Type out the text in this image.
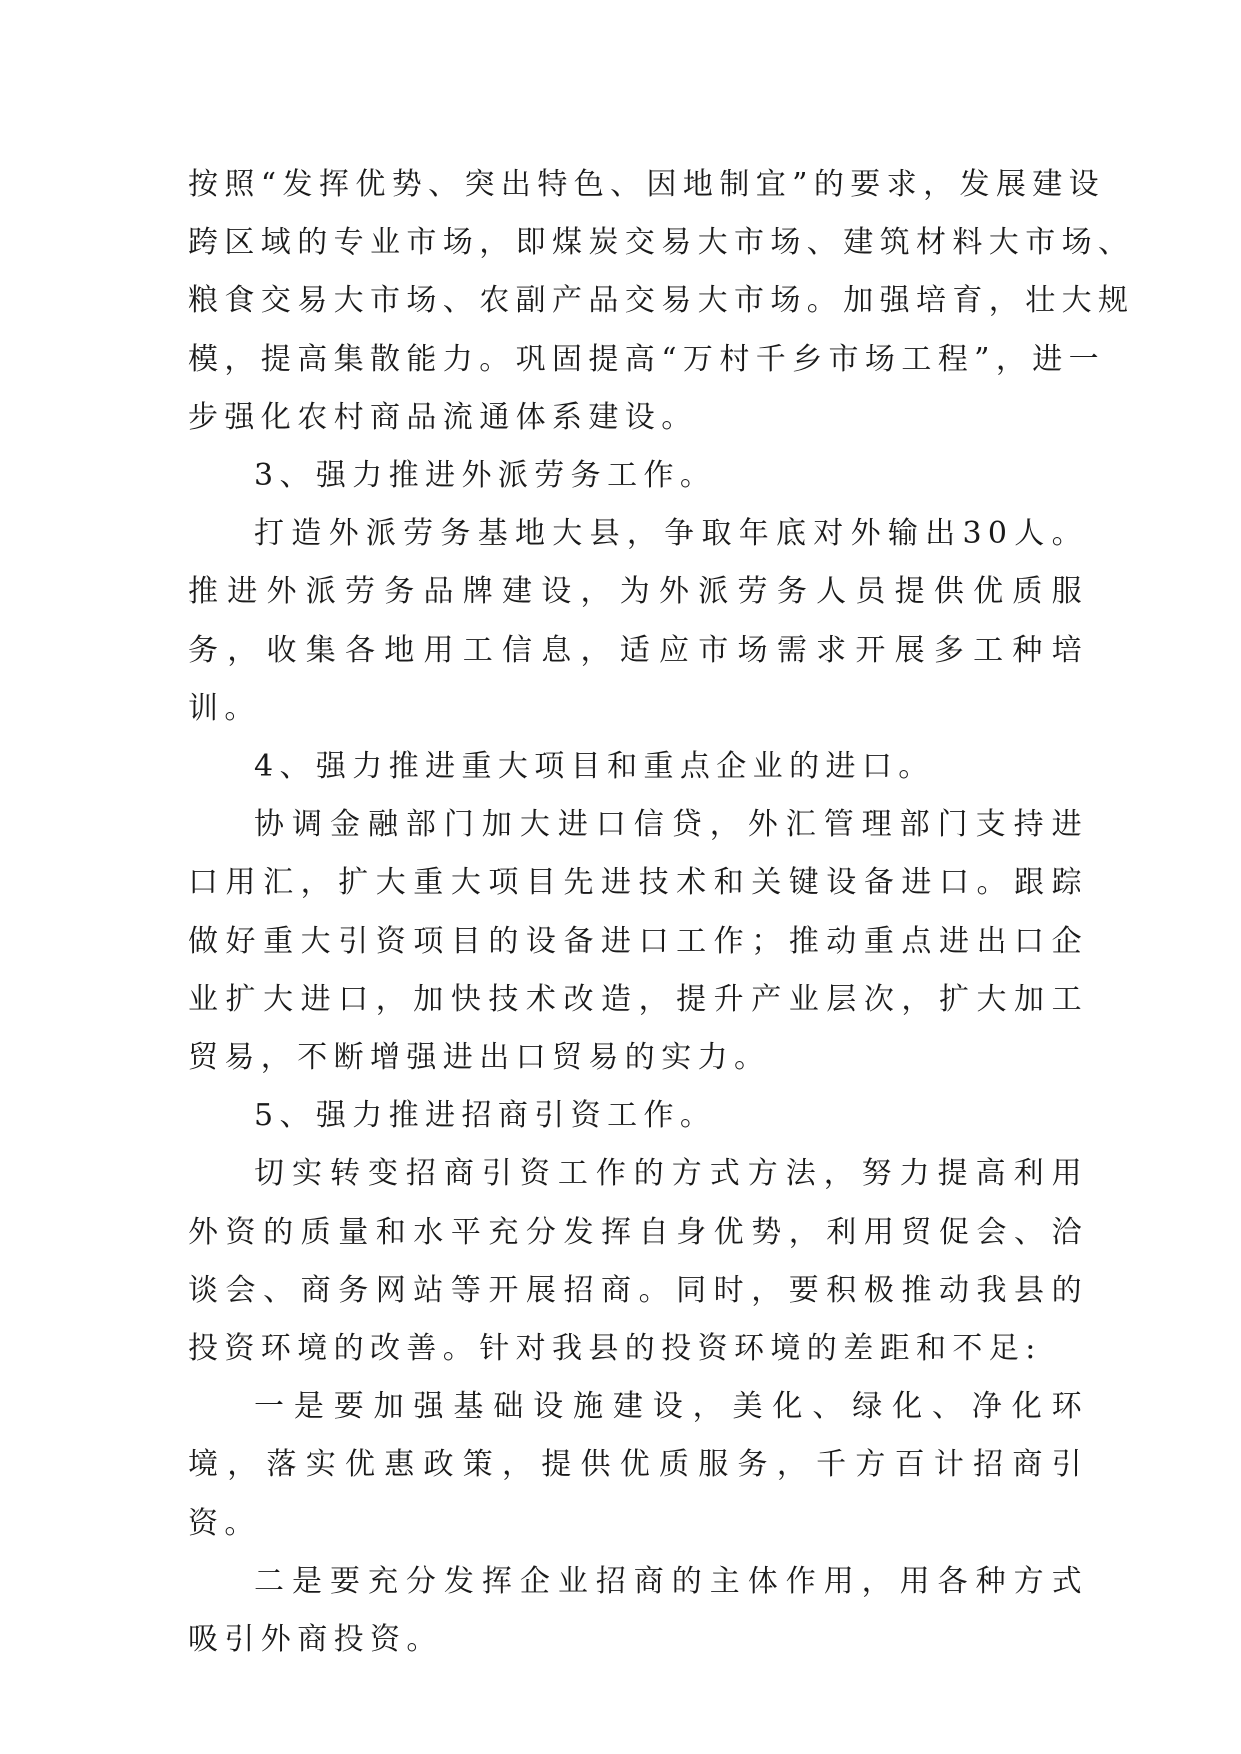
按照“发挥优势、突出特色、因地制宜”的要求，发展建设

跨区域的专业市场，即煤炭交易大市场、建筑材料大市场、

粮食交易大市场、农副产品交易大市场。加强培育，壮大规

模，提高集散能力。巩固提高“万村千乡市场工程”，进一

步强化农村商品流通体系建设。

3、强力推进外派劳务工作。

打造外派劳务基地大县，争取年底对外输出30人。推进外派劳务品牌建设，为外派劳务人员提供优质服务，收集各地用工信息，适应市场需求开展多工种培训。

4、强力推进重大项目和重点企业的进口。

协调金融部门加大进口信贷，外汇管理部门支持进口用汇，扩大重大项目先进技术和关键设备进口。跟踪做好重大引资项目的设备进口工作；推动重点进出口企业扩大进口，加快技术改造，提升产业层次，扩大加工贸易，不断增强进出口贸易的实力。

5、强力推进招商引资工作。

切实转变招商引资工作的方式方法，努力提高利用外资的质量和水平充分发挥自身优势，利用贸促会、洽谈会、商务网站等开展招商。同时，要积极推动我县的投资环境的改善。针对我县的投资环境的差距和不足:

一是要加强基础设施建设，美化、绿化、净化环境，落实优惠政策，提供优质服务，千方百计招商引资。

二是要充分发挥企业招商的主体作用，用各种方式吸引外商投资。
